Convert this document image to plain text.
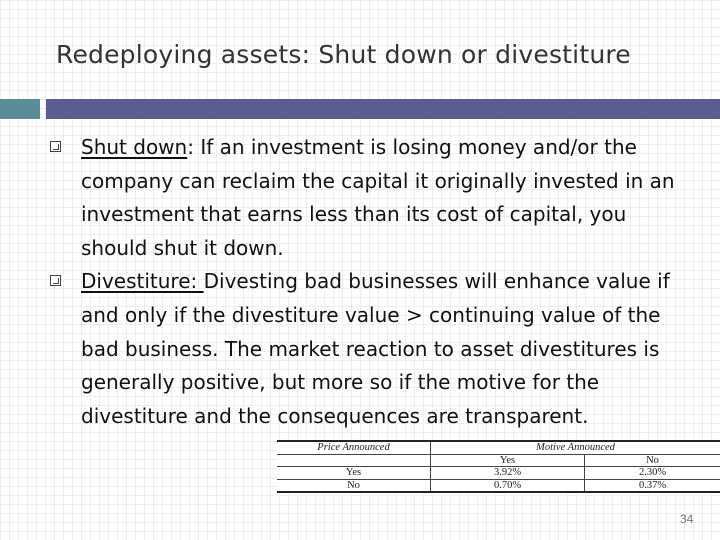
Redeploying assets: Shut down or divestiture

Shut down: If an investment is losing money and/or the company can reclaim the capital it originally invested in an investment that earns less than its cost of capital, you should shut it down.

Divestiture: Divesting bad businesses will enhance value if and only if the divestiture value > continuing value of the bad business. The market reaction to asset divestitures is generally positive, but more so if the motive for the divestiture and the consequences are transparent.

Price Announced	Motive Announced	
	Yes	No
Yes	3.92%	2.30%
No	0.70%	0.37%
34
